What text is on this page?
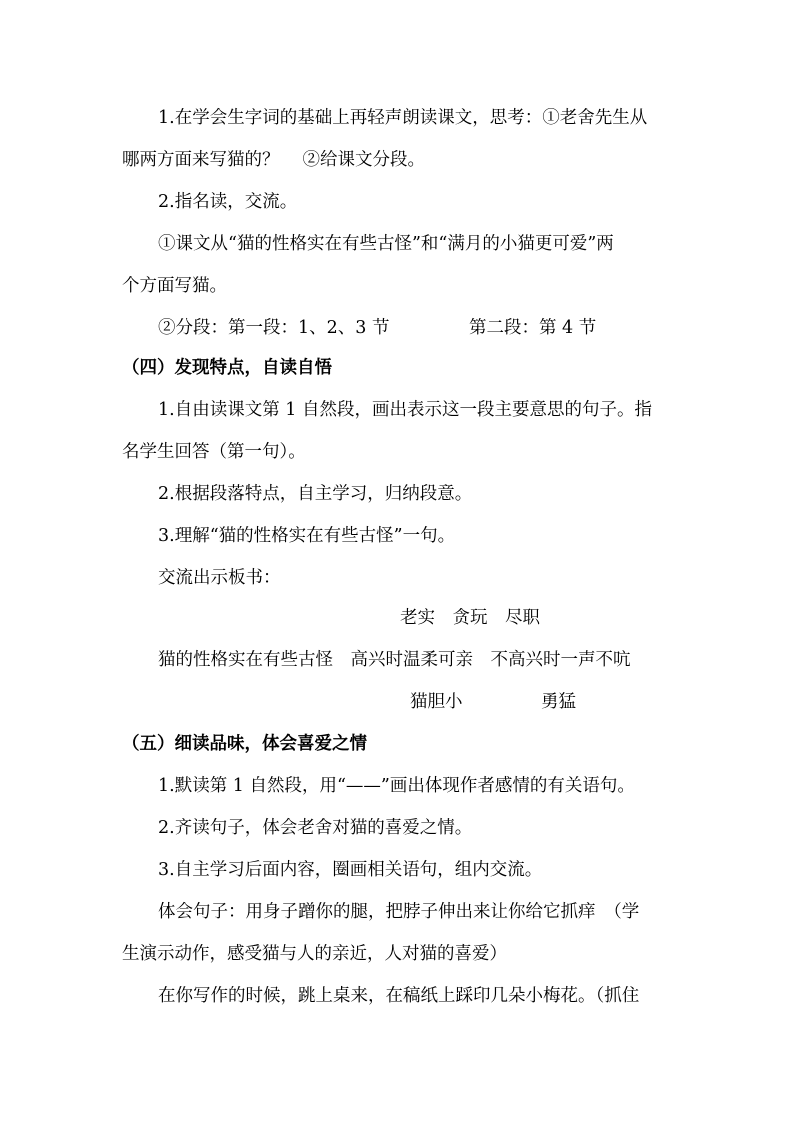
1.在学会生字词的基础上再轻声朗读课文，思考：①老舍先生从
哪两方面来写猫的？　 ②给课文分段。
2.指名读，交流。
①课文从“猫的性格实在有些古怪”和“满月的小猫更可爱”两
个方面写猫。
②分段：第一段：1、2、3 节	第二段：第 4 节
（四）发现特点，自读自悟
1.自由读课文第 1 自然段，画出表示这一段主要意思的句子。指
名学生回答（第一句）。
2.根据段落特点，自主学习，归纳段意。
3.理解“猫的性格实在有些古怪”一句。
交流出示板书：
老实　贪玩　尽职
猫的性格实在有些古怪　高兴时温柔可亲　不高兴时一声不吭
猫胆小	勇猛
（五）细读品味，体会喜爱之情
1.默读第 1 自然段，用“——”画出体现作者感情的有关语句。
2.齐读句子，体会老舍对猫的喜爱之情。
3.自主学习后面内容，圈画相关语句，组内交流。
体会句子：用身子蹭你的腿，把脖子伸出来让你给它抓痒　（学
生演示动作，感受猫与人的亲近，人对猫的喜爱）
在你写作的时候，跳上桌来，在稿纸上踩印几朵小梅花。（抓住
